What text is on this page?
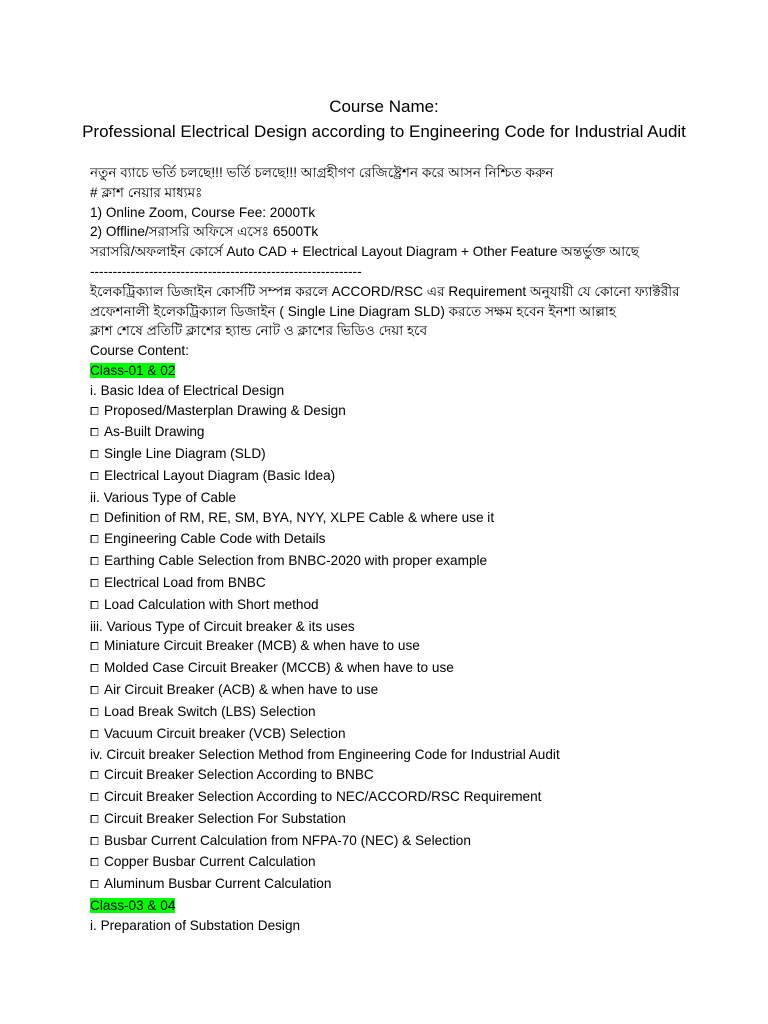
Course Name:
Professional Electrical Design according to Engineering Code for Industrial Audit
নতুন ব্যাচে ভর্তি চলছে!!! ভর্তি চলছে!!! আগ্রহীগণ রেজিষ্ট্রেশন করে আসন নিশ্চিত করুন
# ক্লাশ নেয়ার মাধ্যমঃ
1) Online Zoom, Course Fee: 2000Tk
2) Offline/সরাসরি অফিসে এসেঃ 6500Tk
সরাসরি/অফলাইন কোর্সে Auto CAD + Electrical Layout Diagram + Other Feature অন্তর্ভুক্ত আছে
------------------------------------------------------------
ইলেকট্রিক্যাল ডিজাইন কোর্সটি সম্পন্ন করলে ACCORD/RSC এর Requirement অনুযায়ী যে কোনো ফ্যাক্টরীর প্রফেশনালী ইলেকট্রিক্যাল ডিজাইন ( Single Line Diagram SLD) করতে সক্ষম হবেন ইনশা আল্লাহ
ক্লাশ শেষে প্রতিটি ক্লাশের হ্যান্ড নোট ও ক্লাশের ভিডিও দেয়া হবে
Course Content:
Class-01 & 02
i. Basic Idea of Electrical Design
⧠ Proposed/Masterplan Drawing & Design
⧠ As-Built Drawing
⧠ Single Line Diagram (SLD)
⧠ Electrical Layout Diagram (Basic Idea)
ii. Various Type of Cable
⧠ Definition of RM, RE, SM, BYA, NYY, XLPE Cable & where use it
⧠ Engineering Cable Code with Details
⧠ Earthing Cable Selection from BNBC-2020 with proper example
⧠ Electrical Load from BNBC
⧠ Load Calculation with Short method
iii. Various Type of Circuit breaker & its uses
⧠ Miniature Circuit Breaker (MCB) & when have to use
⧠ Molded Case Circuit Breaker (MCCB) & when have to use
⧠ Air Circuit Breaker (ACB) & when have to use
⧠ Load Break Switch (LBS) Selection
⧠ Vacuum Circuit breaker (VCB) Selection
iv. Circuit breaker Selection Method from Engineering Code for Industrial Audit
⧠ Circuit Breaker Selection According to BNBC
⧠ Circuit Breaker Selection According to NEC/ACCORD/RSC Requirement
⧠ Circuit Breaker Selection For Substation
⧠ Busbar Current Calculation from NFPA-70 (NEC) & Selection
⧠ Copper Busbar Current Calculation
⧠ Aluminum Busbar Current Calculation
Class-03 & 04
i. Preparation of Substation Design
